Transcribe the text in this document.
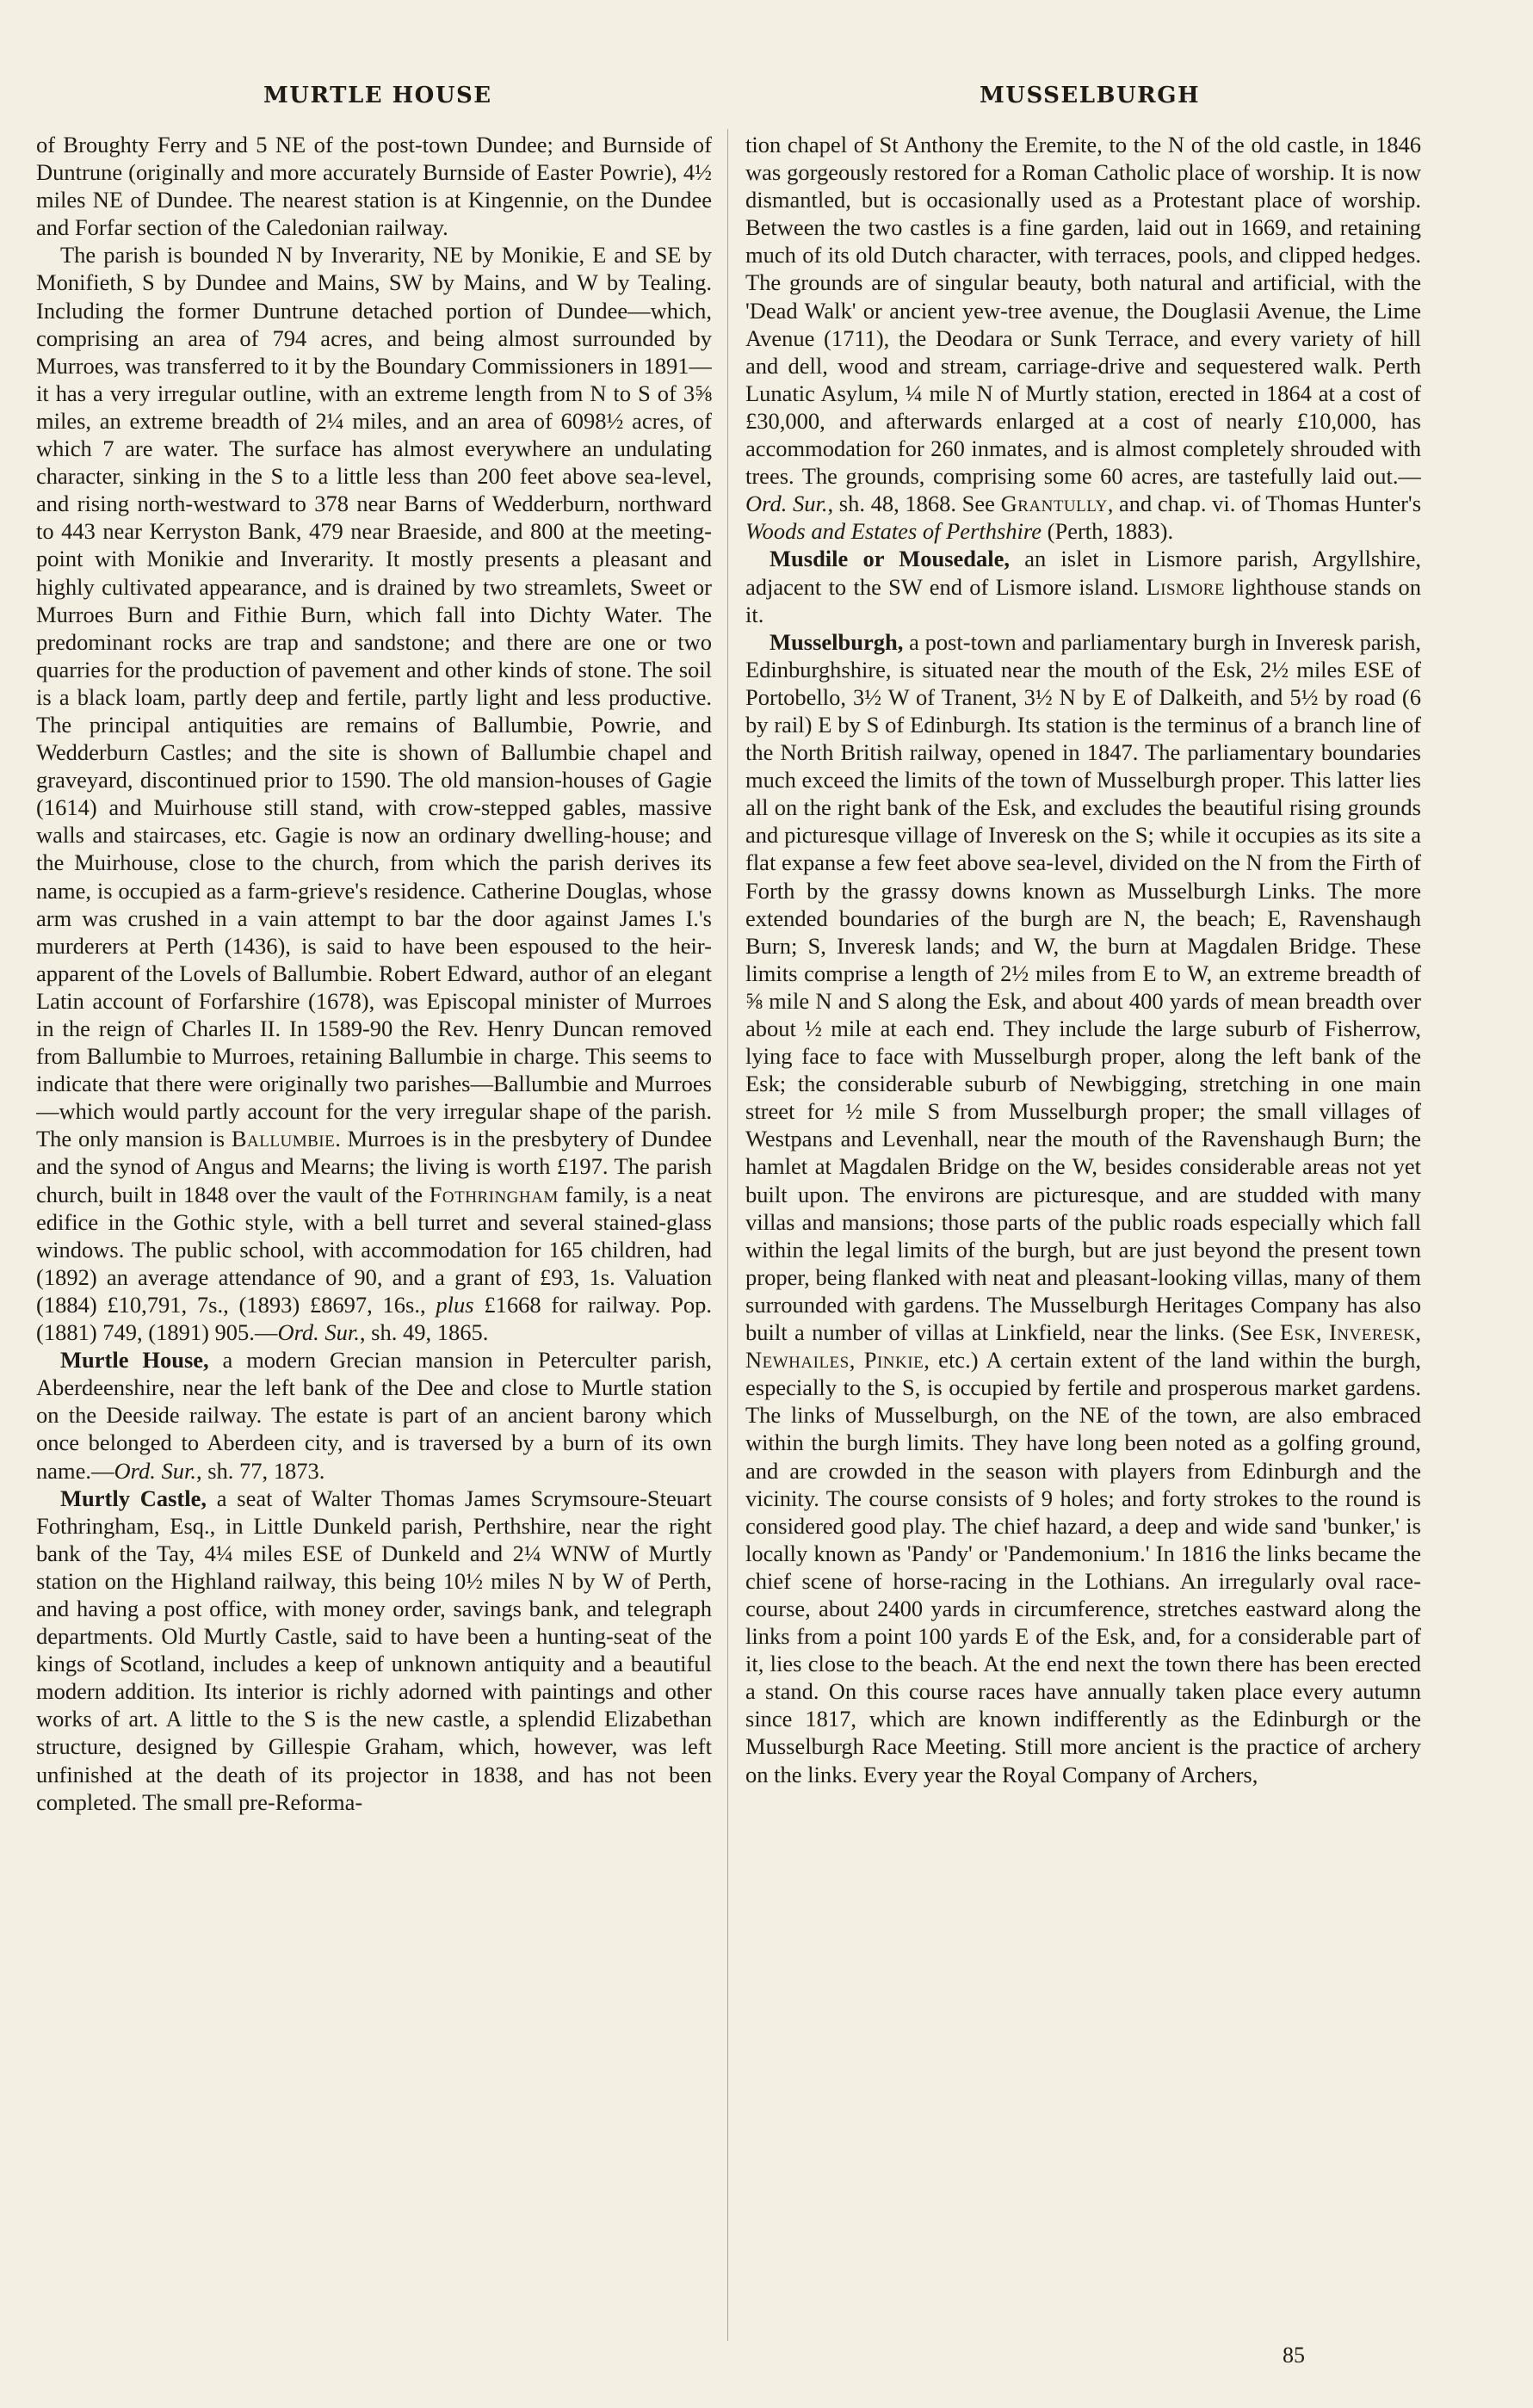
MURTLE HOUSE	MUSSELBURGH

of Broughty Ferry and 5 NE of the post-town Dundee; and Burnside of Duntrune (originally and more accurately Burnside of Easter Powrie), 4½ miles NE of Dundee. The nearest station is at Kingennie, on the Dundee and Forfar section of the Caledonian railway.

The parish is bounded N by Inverarity, NE by Monikie, E and SE by Monifieth, S by Dundee and Mains, SW by Mains, and W by Tealing. Including the former Duntrune detached portion of Dundee—which, comprising an area of 794 acres, and being almost surrounded by Murroes, was transferred to it by the Boundary Commissioners in 1891—it has a very irregular outline, with an extreme length from N to S of 3⅝ miles, an extreme breadth of 2¼ miles, and an area of 6098½ acres, of which 7 are water. The surface has almost everywhere an undulating character, sinking in the S to a little less than 200 feet above sea-level, and rising north-westward to 378 near Barns of Wedderburn, northward to 443 near Kerryston Bank, 479 near Braeside, and 800 at the meeting-point with Monikie and Inverarity. It mostly presents a pleasant and highly cultivated appearance, and is drained by two streamlets, Sweet or Murroes Burn and Fithie Burn, which fall into Dichty Water. The predominant rocks are trap and sandstone; and there are one or two quarries for the production of pavement and other kinds of stone. The soil is a black loam, partly deep and fertile, partly light and less productive. The principal antiquities are remains of Ballumbie, Powrie, and Wedderburn Castles; and the site is shown of Ballumbie chapel and graveyard, discontinued prior to 1590. The old mansion-houses of Gagie (1614) and Muirhouse still stand, with crow-stepped gables, massive walls and staircases, etc. Gagie is now an ordinary dwelling-house; and the Muirhouse, close to the church, from which the parish derives its name, is occupied as a farm-grieve's residence. Catherine Douglas, whose arm was crushed in a vain attempt to bar the door against James I.'s murderers at Perth (1436), is said to have been espoused to the heir-apparent of the Lovels of Ballumbie. Robert Edward, author of an elegant Latin account of Forfarshire (1678), was Episcopal minister of Murroes in the reign of Charles II. In 1589-90 the Rev. Henry Duncan removed from Ballumbie to Murroes, retaining Ballumbie in charge. This seems to indicate that there were originally two parishes—Ballumbie and Murroes—which would partly account for the very irregular shape of the parish. The only mansion is Ballumbie. Murroes is in the presbytery of Dundee and the synod of Angus and Mearns; the living is worth £197. The parish church, built in 1848 over the vault of the Fothringham family, is a neat edifice in the Gothic style, with a bell turret and several stained-glass windows. The public school, with accommodation for 165 children, had (1892) an average attendance of 90, and a grant of £93, 1s. Valuation (1884) £10,791, 7s., (1893) £8697, 16s., plus £1668 for railway. Pop. (1881) 749, (1891) 905.—Ord. Sur., sh. 49, 1865.

Murtle House, a modern Grecian mansion in Peterculter parish, Aberdeenshire, near the left bank of the Dee and close to Murtle station on the Deeside railway. The estate is part of an ancient barony which once belonged to Aberdeen city, and is traversed by a burn of its own name.—Ord. Sur., sh. 77, 1873.

Murtly Castle, a seat of Walter Thomas James Scrymsoure-Steuart Fothringham, Esq., in Little Dunkeld parish, Perthshire, near the right bank of the Tay, 4¼ miles ESE of Dunkeld and 2¼ WNW of Murtly station on the Highland railway, this being 10½ miles N by W of Perth, and having a post office, with money order, savings bank, and telegraph departments. Old Murtly Castle, said to have been a hunting-seat of the kings of Scotland, includes a keep of unknown antiquity and a beautiful modern addition. Its interior is richly adorned with paintings and other works of art. A little to the S is the new castle, a splendid Elizabethan structure, designed by Gillespie Graham, which, however, was left unfinished at the death of its projector in 1838, and has not been completed. The small pre-Reforma-

tion chapel of St Anthony the Eremite, to the N of the old castle, in 1846 was gorgeously restored for a Roman Catholic place of worship. It is now dismantled, but is occasionally used as a Protestant place of worship. Between the two castles is a fine garden, laid out in 1669, and retaining much of its old Dutch character, with terraces, pools, and clipped hedges. The grounds are of singular beauty, both natural and artificial, with the 'Dead Walk' or ancient yew-tree avenue, the Douglasii Avenue, the Lime Avenue (1711), the Deodara or Sunk Terrace, and every variety of hill and dell, wood and stream, carriage-drive and sequestered walk. Perth Lunatic Asylum, ¼ mile N of Murtly station, erected in 1864 at a cost of £30,000, and afterwards enlarged at a cost of nearly £10,000, has accommodation for 260 inmates, and is almost completely shrouded with trees. The grounds, comprising some 60 acres, are tastefully laid out.—Ord. Sur., sh. 48, 1868. See Grantully, and chap. vi. of Thomas Hunter's Woods and Estates of Perthshire (Perth, 1883).

Musdile or Mousedale, an islet in Lismore parish, Argyllshire, adjacent to the SW end of Lismore island. Lismore lighthouse stands on it.

Musselburgh, a post-town and parliamentary burgh in Inveresk parish, Edinburghshire, is situated near the mouth of the Esk, 2½ miles ESE of Portobello, 3½ W of Tranent, 3½ N by E of Dalkeith, and 5½ by road (6 by rail) E by S of Edinburgh. Its station is the terminus of a branch line of the North British railway, opened in 1847. The parliamentary boundaries much exceed the limits of the town of Musselburgh proper. This latter lies all on the right bank of the Esk, and excludes the beautiful rising grounds and picturesque village of Inveresk on the S; while it occupies as its site a flat expanse a few feet above sea-level, divided on the N from the Firth of Forth by the grassy downs known as Musselburgh Links. The more extended boundaries of the burgh are N, the beach; E, Ravenshaugh Burn; S, Inveresk lands; and W, the burn at Magdalen Bridge. These limits comprise a length of 2½ miles from E to W, an extreme breadth of ⅝ mile N and S along the Esk, and about 400 yards of mean breadth over about ½ mile at each end. They include the large suburb of Fisherrow, lying face to face with Musselburgh proper, along the left bank of the Esk; the considerable suburb of Newbigging, stretching in one main street for ½ mile S from Musselburgh proper; the small villages of Westpans and Levenhall, near the mouth of the Ravenshaugh Burn; the hamlet at Magdalen Bridge on the W, besides considerable areas not yet built upon. The environs are picturesque, and are studded with many villas and mansions; those parts of the public roads especially which fall within the legal limits of the burgh, but are just beyond the present town proper, being flanked with neat and pleasant-looking villas, many of them surrounded with gardens. The Musselburgh Heritages Company has also built a number of villas at Linkfield, near the links. (See Esk, Inveresk, Newhailes, Pinkie, etc.) A certain extent of the land within the burgh, especially to the S, is occupied by fertile and prosperous market gardens. The links of Musselburgh, on the NE of the town, are also embraced within the burgh limits. They have long been noted as a golfing ground, and are crowded in the season with players from Edinburgh and the vicinity. The course consists of 9 holes; and forty strokes to the round is considered good play. The chief hazard, a deep and wide sand 'bunker,' is locally known as 'Pandy' or 'Pandemonium.' In 1816 the links became the chief scene of horse-racing in the Lothians. An irregularly oval race-course, about 2400 yards in circumference, stretches eastward along the links from a point 100 yards E of the Esk, and, for a considerable part of it, lies close to the beach. At the end next the town there has been erected a stand. On this course races have annually taken place every autumn since 1817, which are known indifferently as the Edinburgh or the Musselburgh Race Meeting. Still more ancient is the practice of archery on the links. Every year the Royal Company of Archers,

85
